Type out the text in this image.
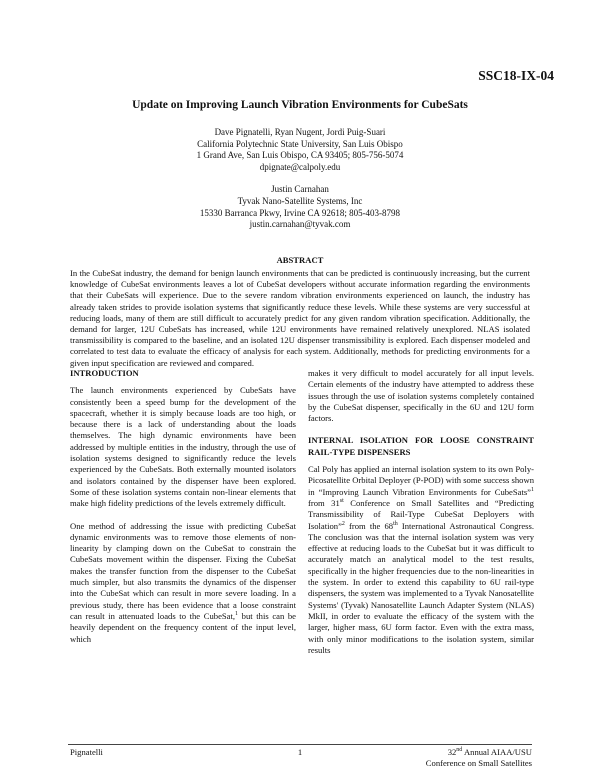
SSC18-IX-04
Update on Improving Launch Vibration Environments for CubeSats
Dave Pignatelli, Ryan Nugent, Jordi Puig-Suari
California Polytechnic State University, San Luis Obispo
1 Grand Ave, San Luis Obispo, CA 93405; 805-756-5074
dpignate@calpoly.edu
Justin Carnahan
Tyvak Nano-Satellite Systems, Inc
15330 Barranca Pkwy, Irvine CA 92618; 805-403-8798
justin.carnahan@tyvak.com
ABSTRACT

In the CubeSat industry, the demand for benign launch environments that can be predicted is continuously increasing, but the current knowledge of CubeSat environments leaves a lot of CubeSat developers without accurate information regarding the environments that their CubeSats will experience. Due to the severe random vibration environments experienced on launch, the industry has already taken strides to provide isolation systems that significantly reduce these levels. While these systems are very successful at reducing loads, many of them are still difficult to accurately predict for any given random vibration specification. Additionally, the demand for larger, 12U CubeSats has increased, while 12U environments have remained relatively unexplored. NLAS isolated transmissibility is compared to the baseline, and an isolated 12U dispenser transmissibility is explored. Each dispenser modeled and correlated to test data to evaluate the efficacy of analysis for each system. Additionally, methods for predicting environments for a given input specification are reviewed and compared.

INTRODUCTION

The launch environments experienced by CubeSats have consistently been a speed bump for the development of the spacecraft, whether it is simply because loads are too high, or because there is a lack of understanding about the loads themselves. The high dynamic environments have been addressed by multiple entities in the industry, through the use of isolation systems designed to significantly reduce the levels experienced by the CubeSats. Both externally mounted isolators and isolators contained by the dispenser have been explored. Some of these isolation systems contain non-linear elements that make high fidelity predictions of the levels extremely difficult.

One method of addressing the issue with predicting CubeSat dynamic environments was to remove those elements of non-linearity by clamping down on the CubeSat to constrain the CubeSats movement within the dispenser. Fixing the CubeSat makes the transfer function from the dispenser to the CubeSat much simpler, but also transmits the dynamics of the dispenser into the CubeSat which can result in more severe loading. In a previous study, there has been evidence that a loose constraint can result in attenuated loads to the CubeSat,$^1$ but this can be heavily dependent on the frequency content of the input level, which

makes it very difficult to model accurately for all input levels. Certain elements of the industry have attempted to address these issues through the use of isolation systems completely contained by the CubeSat dispenser, specifically in the 6U and 12U form factors.

INTERNAL ISOLATION FOR LOOSE CONSTRAINT RAIL-TYPE DISPENSERS

Cal Poly has applied an internal isolation system to its own Poly-Picosatellite Orbital Deployer (P-POD) with some success shown in “Improving Launch Vibration Environments for CubeSats”$^1$ from 31st Conference on Small Satellites and “Predicting Transmissibility of Rail-Type CubeSat Deployers with Isolation”$^2$ from the 68th International Astronautical Congress. The conclusion was that the internal isolation system was very effective at reducing loads to the CubeSat but it was difficult to accurately match an analytical model to the test results, specifically in the higher frequencies due to the non-linearities in the system. In order to extend this capability to 6U rail-type dispensers, the system was implemented to a Tyvak Nanosatellite Systems' (Tyvak) Nanosatellite Launch Adapter System (NLAS) MkII, in order to evaluate the efficacy of the system with the larger, higher mass, 6U form factor. Even with the extra mass, with only minor modifications to the isolation system, similar results

Pignatelli	1	32nd Annual AIAA/USU
Conference on Small Satellites
